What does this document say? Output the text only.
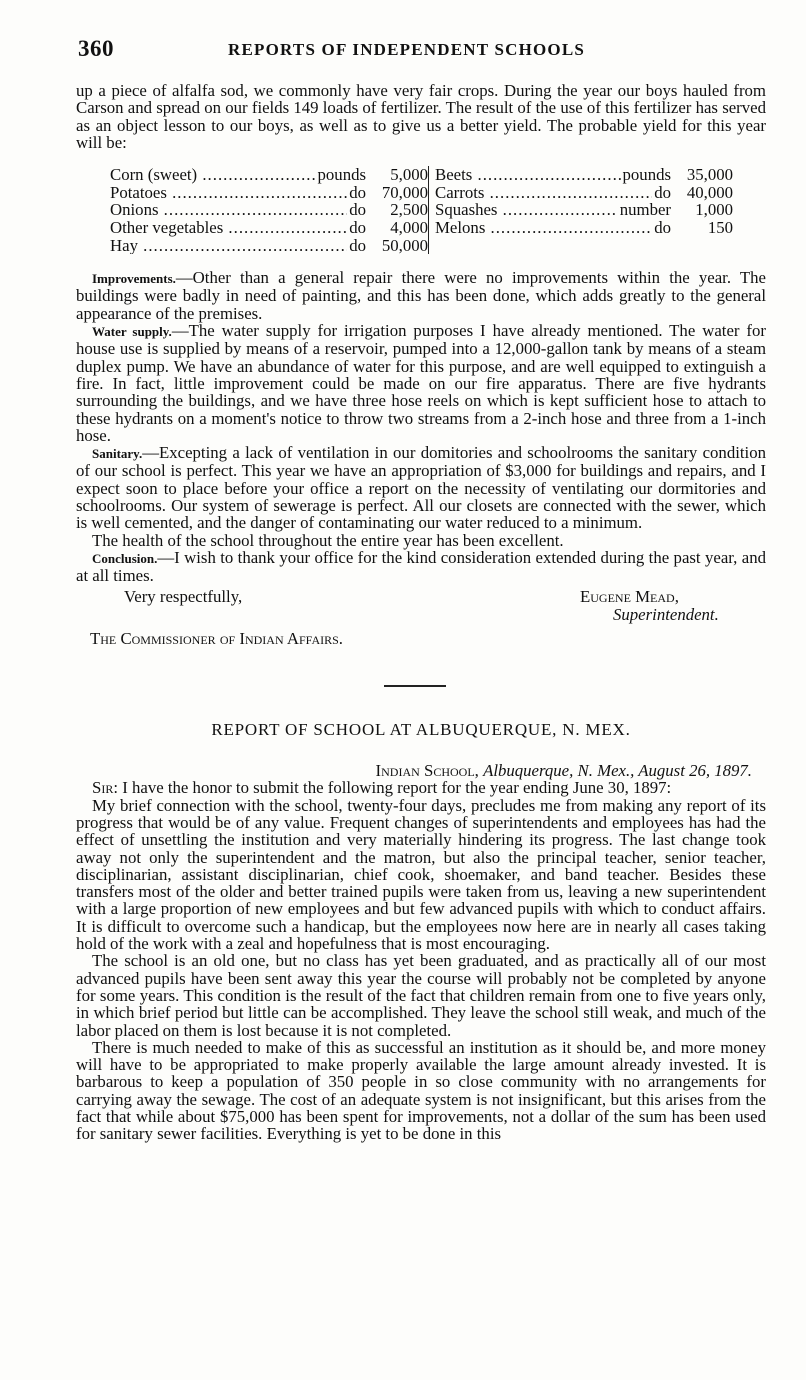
360	REPORTS OF INDEPENDENT SCHOOLS

up a piece of alfalfa sod, we commonly have very fair crops. During the year our boys hauled from Carson and spread on our fields 149 loads of fertilizer. The result of the use of this fertilizer has served as an object lesson to our boys, as well as to give us a better yield. The probable yield for this year will be:

Corn (sweet) .....	pounds	5,000
Potatoes .....	do 70,000
Onions .....	do	2,500
Other vegetables .....	do	4,000
Hay .....	do 50,000
Beets .....	pounds 35,000
Carrots .....	do 40,000
Squashes .....	number	1,000
Melons .....	do	150

Improvements.—Other than a general repair there were no improvements within the year. The buildings were badly in need of painting, and this has been done, which adds greatly to the general appearance of the premises.

Water supply.—The water supply for irrigation purposes I have already mentioned. The water for house use is supplied by means of a reservoir, pumped into a 12,000-gallon tank by means of a steam duplex pump. We have an abundance of water for this purpose, and are well equipped to extinguish a fire. In fact, little improvement could be made on our fire apparatus. There are five hydrants surrounding the buildings, and we have three hose reels on which is kept sufficient hose to attach to these hydrants on a moment's notice to throw two streams from a 2-inch hose and three from a 1-inch hose.

Sanitary.—Excepting a lack of ventilation in our domitories and schoolrooms the sanitary condition of our school is perfect. This year we have an appropriation of $3,000 for buildings and repairs, and I expect soon to place before your office a report on the necessity of ventilating our dormitories and schoolrooms. Our system of sewerage is perfect. All our closets are connected with the sewer, which is well cemented, and the danger of contaminating our water reduced to a minimum.

The health of the school throughout the entire year has been excellent.

Conclusion.—I wish to thank your office for the kind consideration extended during the past year, and at all times.

Very respectfully,	Eugene Mead,
Superintendent.
The Commissioner of Indian Affairs.
REPORT OF SCHOOL AT ALBUQUERQUE, N. MEX.
Indian School, Albuquerque, N. Mex., August 26, 1897.

Sir: I have the honor to submit the following report for the year ending June 30, 1897:

My brief connection with the school, twenty-four days, precludes me from making any report of its progress that would be of any value. Frequent changes of superintendents and employees has had the effect of unsettling the institution and very materially hindering its progress. The last change took away not only the superintendent and the matron, but also the principal teacher, senior teacher, disciplinarian, assistant disciplinarian, chief cook, shoemaker, and band teacher. Besides these transfers most of the older and better trained pupils were taken from us, leaving a new superintendent with a large proportion of new employees and but few advanced pupils with which to conduct affairs. It is difficult to overcome such a handicap, but the employees now here are in nearly all cases taking hold of the work with a zeal and hopefulness that is most encouraging.

The school is an old one, but no class has yet been graduated, and as practically all of our most advanced pupils have been sent away this year the course will probably not be completed by anyone for some years. This condition is the result of the fact that children remain from one to five years only, in which brief period but little can be accomplished. They leave the school still weak, and much of the labor placed on them is lost because it is not completed.

There is much needed to make of this as successful an institution as it should be, and more money will have to be appropriated to make properly available the large amount already invested. It is barbarous to keep a population of 350 people in so close community with no arrangements for carrying away the sewage. The cost of an adequate system is not insignificant, but this arises from the fact that while about $75,000 has been spent for improvements, not a dollar of the sum has been used for sanitary sewer facilities. Everything is yet to be done in this
